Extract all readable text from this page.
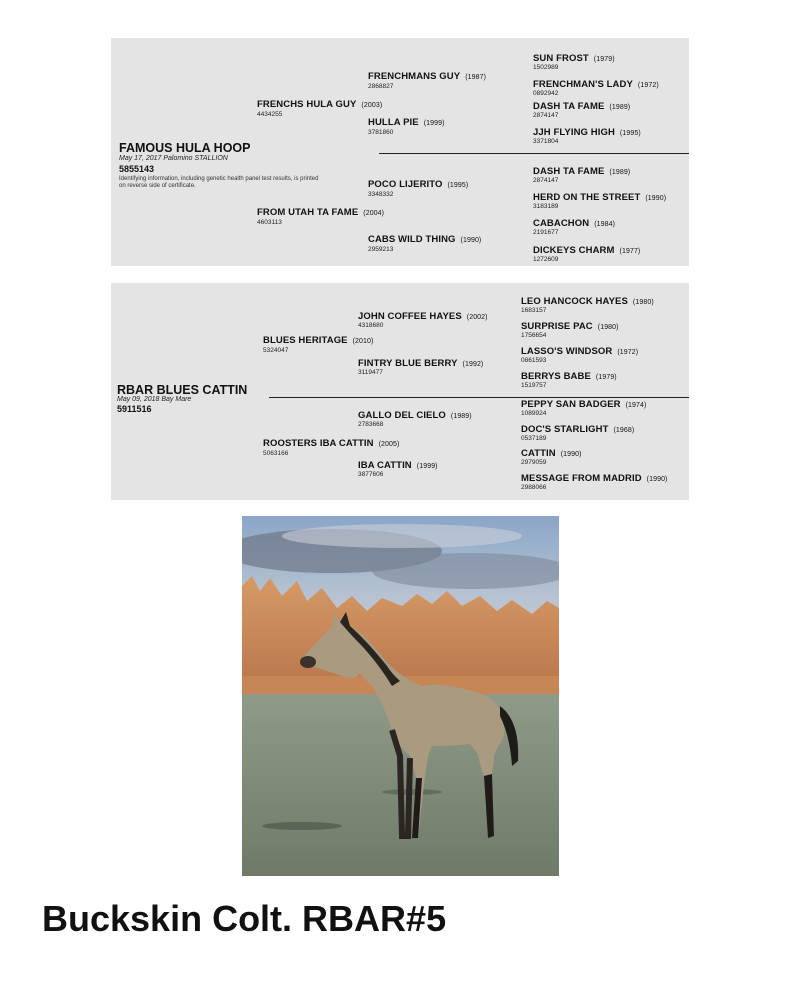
FAMOUS HULA HOOP
May 17, 2017 Palomino STALLION
5855143
Identifying information, including genetic health panel test results, is printed on reverse side of certificate.
FRENCHS HULA GUY (2003)
4434255
FROM UTAH TA FAME (2004)
4603113
FRENCHMANS GUY (1987)
2868827
HULLA PIE (1999)
3781860
POCO LIJERITO (1995)
3348332
CABS WILD THING (1990)
2959213
SUN FROST (1979)
1502989
FRENCHMAN'S LADY (1972)
0892942
DASH TA FAME (1989)
2874147
JJH FLYING HIGH (1995)
3371804
DASH TA FAME (1989)
2874147
HERD ON THE STREET (1990)
3183189
CABACHON (1984)
2191677
DICKEYS CHARM (1977)
1272609
RBAR BLUES CATTIN
May 09, 2018 Bay Mare
5911516
BLUES HERITAGE (2010)
5324047
ROOSTERS IBA CATTIN (2005)
5063166
JOHN COFFEE HAYES (2002)
4318680
FINTRY BLUE BERRY (1992)
3119477
GALLO DEL CIELO (1989)
2783668
IBA CATTIN (1999)
3877606
LEO HANCOCK HAYES (1980)
1683157
SURPRISE PAC (1980)
1756654
LASSO'S WINDSOR (1972)
0861593
BERRYS BABE (1979)
1519757
PEPPY SAN BADGER (1974)
1089924
DOC'S STARLIGHT (1968)
0537189
CATTIN (1990)
2979059
MESSAGE FROM MADRID (1990)
2988066
Buckskin Colt. RBAR#5
